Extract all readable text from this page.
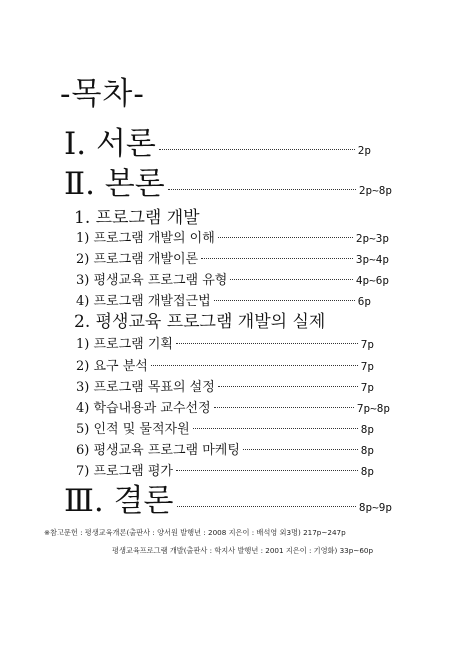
-목차-
Ⅰ. 서론	2p
Ⅱ. 본론	2p~8p
1. 프로그램 개발
1) 프로그램 개발의 이해	2p~3p
2) 프로그램 개발이론	3p~4p
3) 평생교육 프로그램 유형	4p~6p
4) 프로그램 개발접근법	6p
2. 평생교육 프로그램 개발의 실제
1) 프로그램 기획	7p
2) 요구 분석	7p
3) 프로그램 목표의 설정	7p
4) 학습내용과 교수선정	7p~8p
5) 인적 및 물적자원	8p
6) 평생교육 프로그램 마케팅	8p
7) 프로그램 평가	8p
Ⅲ. 결론	8p~9p
※참고문헌 : 평생교육개론(출판사 : 양서원 발행년 : 2008 지은이 : 배석영 외3명) 217p~247p
평생교육프로그램 개발(출판사 : 학지사 발행년 : 2001 지은이 : 기영화) 33p~60p
